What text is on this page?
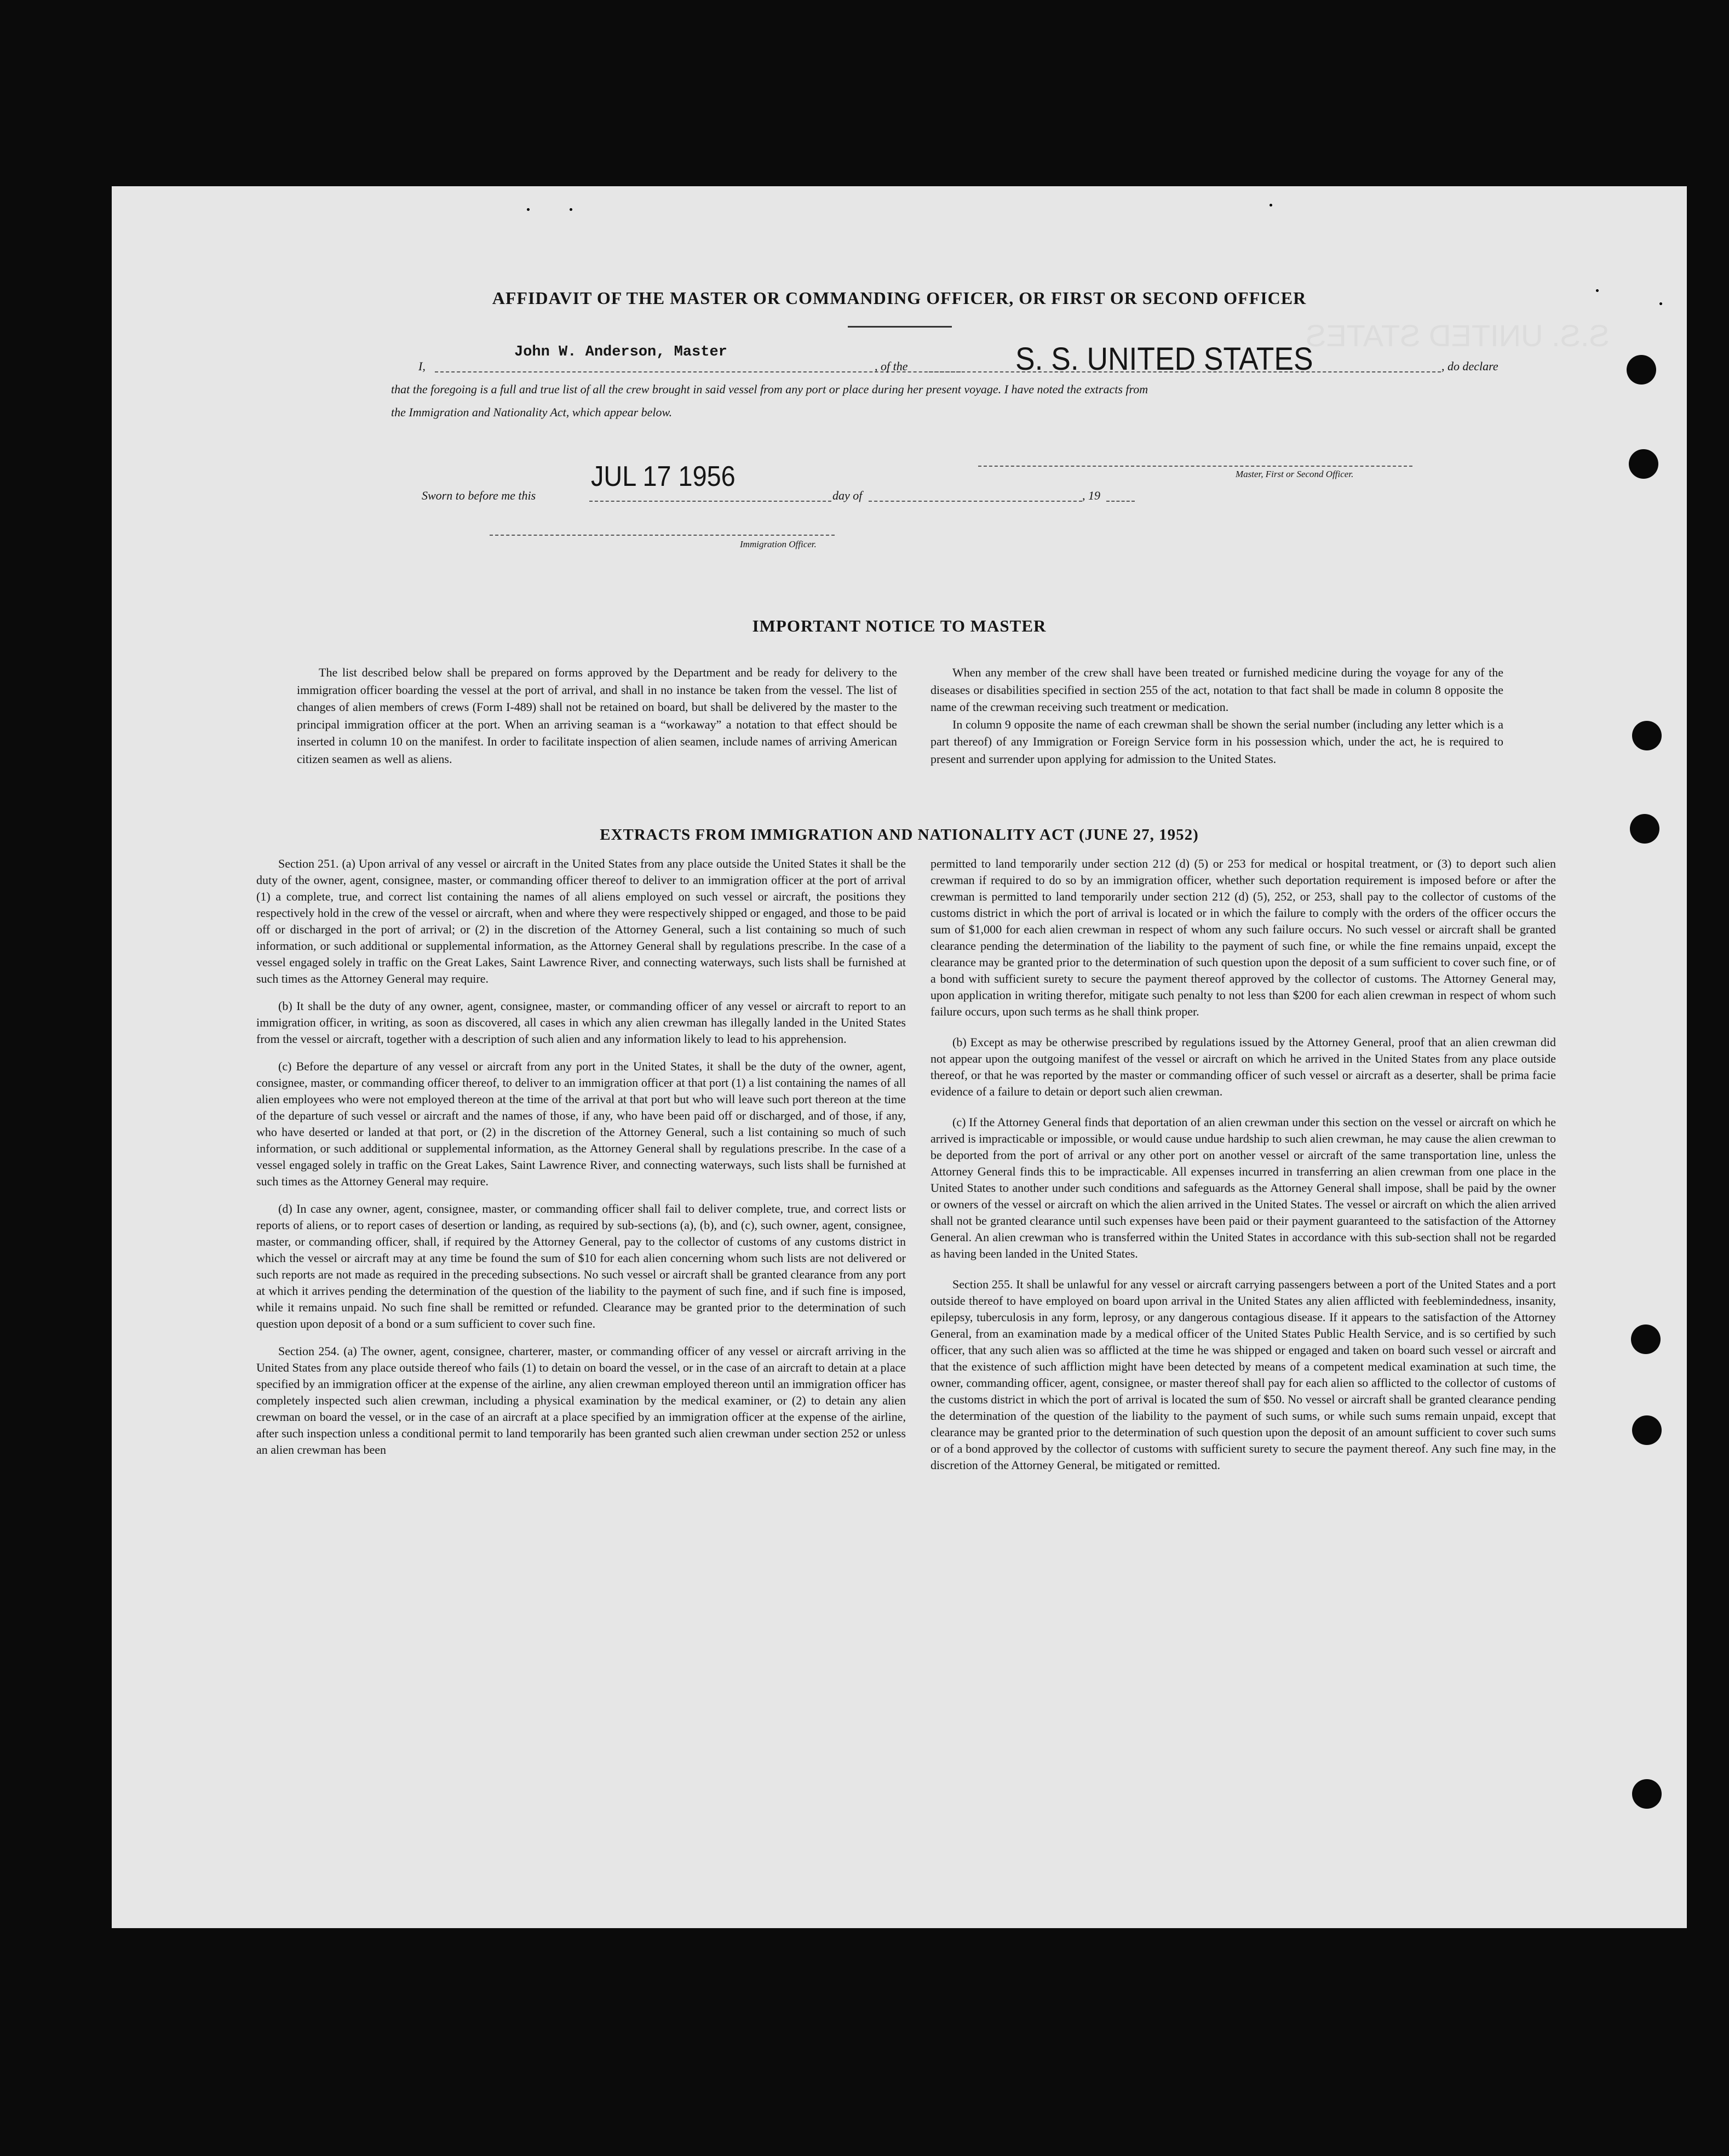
S.S. UNITED STATES
AFFIDAVIT OF THE MASTER OR COMMANDING OFFICER, OR FIRST OR SECOND OFFICER
I,
John W. Anderson, Master
, of the	S. S. UNITED STATES	, do declare
that the foregoing is a full and true list of all the crew brought in said vessel from any port or place during her present voyage. I have noted the extracts from
the Immigration and Nationality Act, which appear below.
Master, First or Second Officer.
Sworn to before me this
JUL 17 1956
day of	, 19
Immigration Officer.
IMPORTANT NOTICE TO MASTER

The list described below shall be prepared on forms approved by the Department and be ready for delivery to the immigration officer boarding the vessel at the port of arrival, and shall in no instance be taken from the vessel. The list of changes of alien members of crews (Form I-489) shall not be retained on board, but shall be delivered by the master to the principal immigration officer at the port. When an arriving seaman is a “workaway” a notation to that effect should be inserted in column 10 on the manifest. In order to facilitate inspection of alien seamen, include names of arriving American citizen seamen as well as aliens.

When any member of the crew shall have been treated or furnished medicine during the voyage for any of the diseases or disabilities specified in section 255 of the act, notation to that fact shall be made in column 8 opposite the name of the crewman receiving such treatment or medication.

In column 9 opposite the name of each crewman shall be shown the serial number (including any letter which is a part thereof) of any Immigration or Foreign Service form in his possession which, under the act, he is required to present and surrender upon applying for admission to the United States.

EXTRACTS FROM IMMIGRATION AND NATIONALITY ACT (JUNE 27, 1952)

Section 251. (a) Upon arrival of any vessel or aircraft in the United States from any place outside the United States it shall be the duty of the owner, agent, consignee, master, or commanding officer thereof to deliver to an immigration officer at the port of arrival (1) a complete, true, and correct list containing the names of all aliens employed on such vessel or aircraft, the positions they respectively hold in the crew of the vessel or aircraft, when and where they were respectively shipped or engaged, and those to be paid off or discharged in the port of arrival; or (2) in the discretion of the Attorney General, such a list containing so much of such information, or such additional or supplemental information, as the Attorney General shall by regulations prescribe. In the case of a vessel engaged solely in traffic on the Great Lakes, Saint Lawrence River, and connecting waterways, such lists shall be furnished at such times as the Attorney General may require.

(b) It shall be the duty of any owner, agent, consignee, master, or commanding officer of any vessel or aircraft to report to an immigration officer, in writing, as soon as discovered, all cases in which any alien crewman has illegally landed in the United States from the vessel or aircraft, together with a description of such alien and any information likely to lead to his apprehension.

(c) Before the departure of any vessel or aircraft from any port in the United States, it shall be the duty of the owner, agent, consignee, master, or commanding officer thereof, to deliver to an immigration officer at that port (1) a list containing the names of all alien employees who were not employed thereon at the time of the arrival at that port but who will leave such port thereon at the time of the departure of such vessel or aircraft and the names of those, if any, who have been paid off or discharged, and of those, if any, who have deserted or landed at that port, or (2) in the discretion of the Attorney General, such a list containing so much of such information, or such additional or supplemental information, as the Attorney General shall by regulations prescribe. In the case of a vessel engaged solely in traffic on the Great Lakes, Saint Lawrence River, and connecting waterways, such lists shall be furnished at such times as the Attorney General may require.

(d) In case any owner, agent, consignee, master, or commanding officer shall fail to deliver complete, true, and correct lists or reports of aliens, or to report cases of desertion or landing, as required by sub-sections (a), (b), and (c), such owner, agent, consignee, master, or commanding officer, shall, if required by the Attorney General, pay to the collector of customs of any customs district in which the vessel or aircraft may at any time be found the sum of $10 for each alien concerning whom such lists are not delivered or such reports are not made as required in the preceding subsections. No such vessel or aircraft shall be granted clearance from any port at which it arrives pending the determination of the question of the liability to the payment of such fine, and if such fine is imposed, while it remains unpaid. No such fine shall be remitted or refunded. Clearance may be granted prior to the determination of such question upon deposit of a bond or a sum sufficient to cover such fine.

Section 254. (a) The owner, agent, consignee, charterer, master, or commanding officer of any vessel or aircraft arriving in the United States from any place outside thereof who fails (1) to detain on board the vessel, or in the case of an aircraft to detain at a place specified by an immigration officer at the expense of the airline, any alien crewman employed thereon until an immigration officer has completely inspected such alien crewman, including a physical examination by the medical examiner, or (2) to detain any alien crewman on board the vessel, or in the case of an aircraft at a place specified by an immigration officer at the expense of the airline, after such inspection unless a conditional permit to land temporarily has been granted such alien crewman under section 252 or unless an alien crewman has been

permitted to land temporarily under section 212 (d) (5) or 253 for medical or hospital treatment, or (3) to deport such alien crewman if required to do so by an immigration officer, whether such deportation requirement is imposed before or after the crewman is permitted to land temporarily under section 212 (d) (5), 252, or 253, shall pay to the collector of customs of the customs district in which the port of arrival is located or in which the failure to comply with the orders of the officer occurs the sum of $1,000 for each alien crewman in respect of whom any such failure occurs. No such vessel or aircraft shall be granted clearance pending the determination of the liability to the payment of such fine, or while the fine remains unpaid, except the clearance may be granted prior to the determination of such question upon the deposit of a sum sufficient to cover such fine, or of a bond with sufficient surety to secure the payment thereof approved by the collector of customs. The Attorney General may, upon application in writing therefor, mitigate such penalty to not less than $200 for each alien crewman in respect of whom such failure occurs, upon such terms as he shall think proper.

(b) Except as may be otherwise prescribed by regulations issued by the Attorney General, proof that an alien crewman did not appear upon the outgoing manifest of the vessel or aircraft on which he arrived in the United States from any place outside thereof, or that he was reported by the master or commanding officer of such vessel or aircraft as a deserter, shall be prima facie evidence of a failure to detain or deport such alien crewman.

(c) If the Attorney General finds that deportation of an alien crewman under this section on the vessel or aircraft on which he arrived is impracticable or impossible, or would cause undue hardship to such alien crewman, he may cause the alien crewman to be deported from the port of arrival or any other port on another vessel or aircraft of the same transportation line, unless the Attorney General finds this to be impracticable. All expenses incurred in transferring an alien crewman from one place in the United States to another under such conditions and safeguards as the Attorney General shall impose, shall be paid by the owner or owners of the vessel or aircraft on which the alien arrived in the United States. The vessel or aircraft on which the alien arrived shall not be granted clearance until such expenses have been paid or their payment guaranteed to the satisfaction of the Attorney General. An alien crewman who is transferred within the United States in accordance with this sub-section shall not be regarded as having been landed in the United States.

Section 255. It shall be unlawful for any vessel or aircraft carrying passengers between a port of the United States and a port outside thereof to have employed on board upon arrival in the United States any alien afflicted with feeblemindedness, insanity, epilepsy, tuberculosis in any form, leprosy, or any dangerous contagious disease. If it appears to the satisfaction of the Attorney General, from an examination made by a medical officer of the United States Public Health Service, and is so certified by such officer, that any such alien was so afflicted at the time he was shipped or engaged and taken on board such vessel or aircraft and that the existence of such affliction might have been detected by means of a competent medical examination at such time, the owner, commanding officer, agent, consignee, or master thereof shall pay for each alien so afflicted to the collector of customs of the customs district in which the port of arrival is located the sum of $50. No vessel or aircraft shall be granted clearance pending the determination of the question of the liability to the payment of such sums, or while such sums remain unpaid, except that clearance may be granted prior to the determination of such question upon the deposit of an amount sufficient to cover such sums or of a bond approved by the collector of customs with sufficient surety to secure the payment thereof. Any such fine may, in the discretion of the Attorney General, be mitigated or remitted.
